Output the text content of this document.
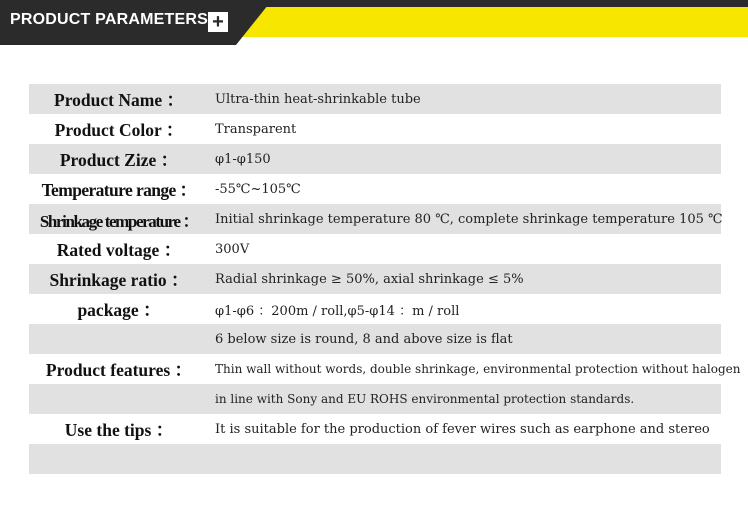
PRODUCT PARAMETERS +
Product Name ：	Ultra-thin heat-shrinkable tube
Product Color ：	Transparent
Product Zize ：	φ1-φ150
Temperature range ：	-55℃~105℃
Shrinkage temperature ：	Initial shrinkage temperature 80 ℃, complete shrinkage temperature 105 ℃
Rated voltage ：	300V
Shrinkage ratio ：	Radial shrinkage ≥ 50%, axial shrinkage ≤ 5%
package ：	φ1-φ6 ：200m / roll,φ5-φ14 ：m / roll
6 below size is round, 8 and above size is flat
Product features ：	Thin wall without words, double shrinkage, environmental protection without halogen
in line with Sony and EU ROHS environmental protection standards.
Use the tips ：	It is suitable for the production of fever wires such as earphone and stereo
